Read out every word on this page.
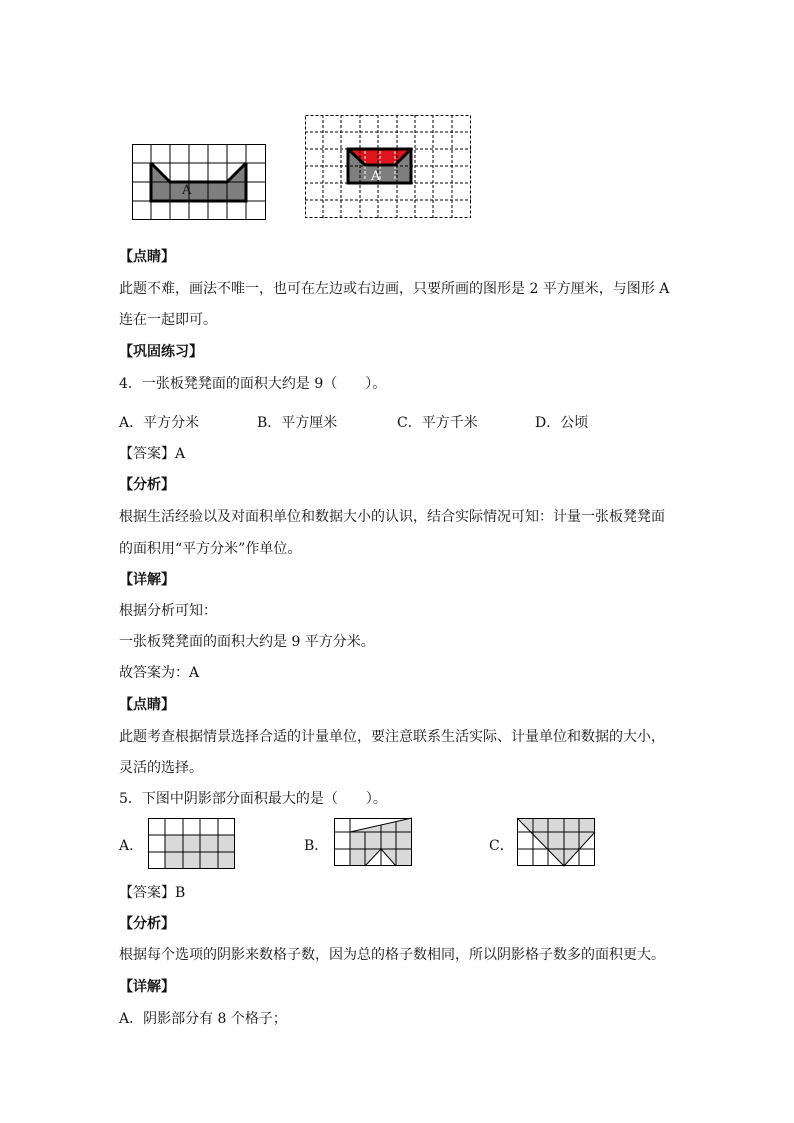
A
A
【点睛】
此题不难，画法不唯一，也可在左边或右边画，只要所画的图形是 2 平方厘米，与图形 A
连在一起即可。
【巩固练习】
4．一张板凳凳面的面积大约是 9（　　）。
A．平方分米	B．平方厘米	C．平方千米	D．公顷
【答案】A
【分析】
根据生活经验以及对面积单位和数据大小的认识，结合实际情况可知：计量一张板凳凳面
的面积用“平方分米”作单位。
【详解】
根据分析可知：
一张板凳凳面的面积大约是 9 平方分米。
故答案为：A
【点睛】
此题考查根据情景选择合适的计量单位，要注意联系生活实际、计量单位和数据的大小，
灵活的选择。
5．下图中阴影部分面积最大的是（　　）。
A．	B．	C．
【答案】B
【分析】
根据每个选项的阴影来数格子数，因为总的格子数相同，所以阴影格子数多的面积更大。
【详解】
A．阴影部分有 8 个格子；
